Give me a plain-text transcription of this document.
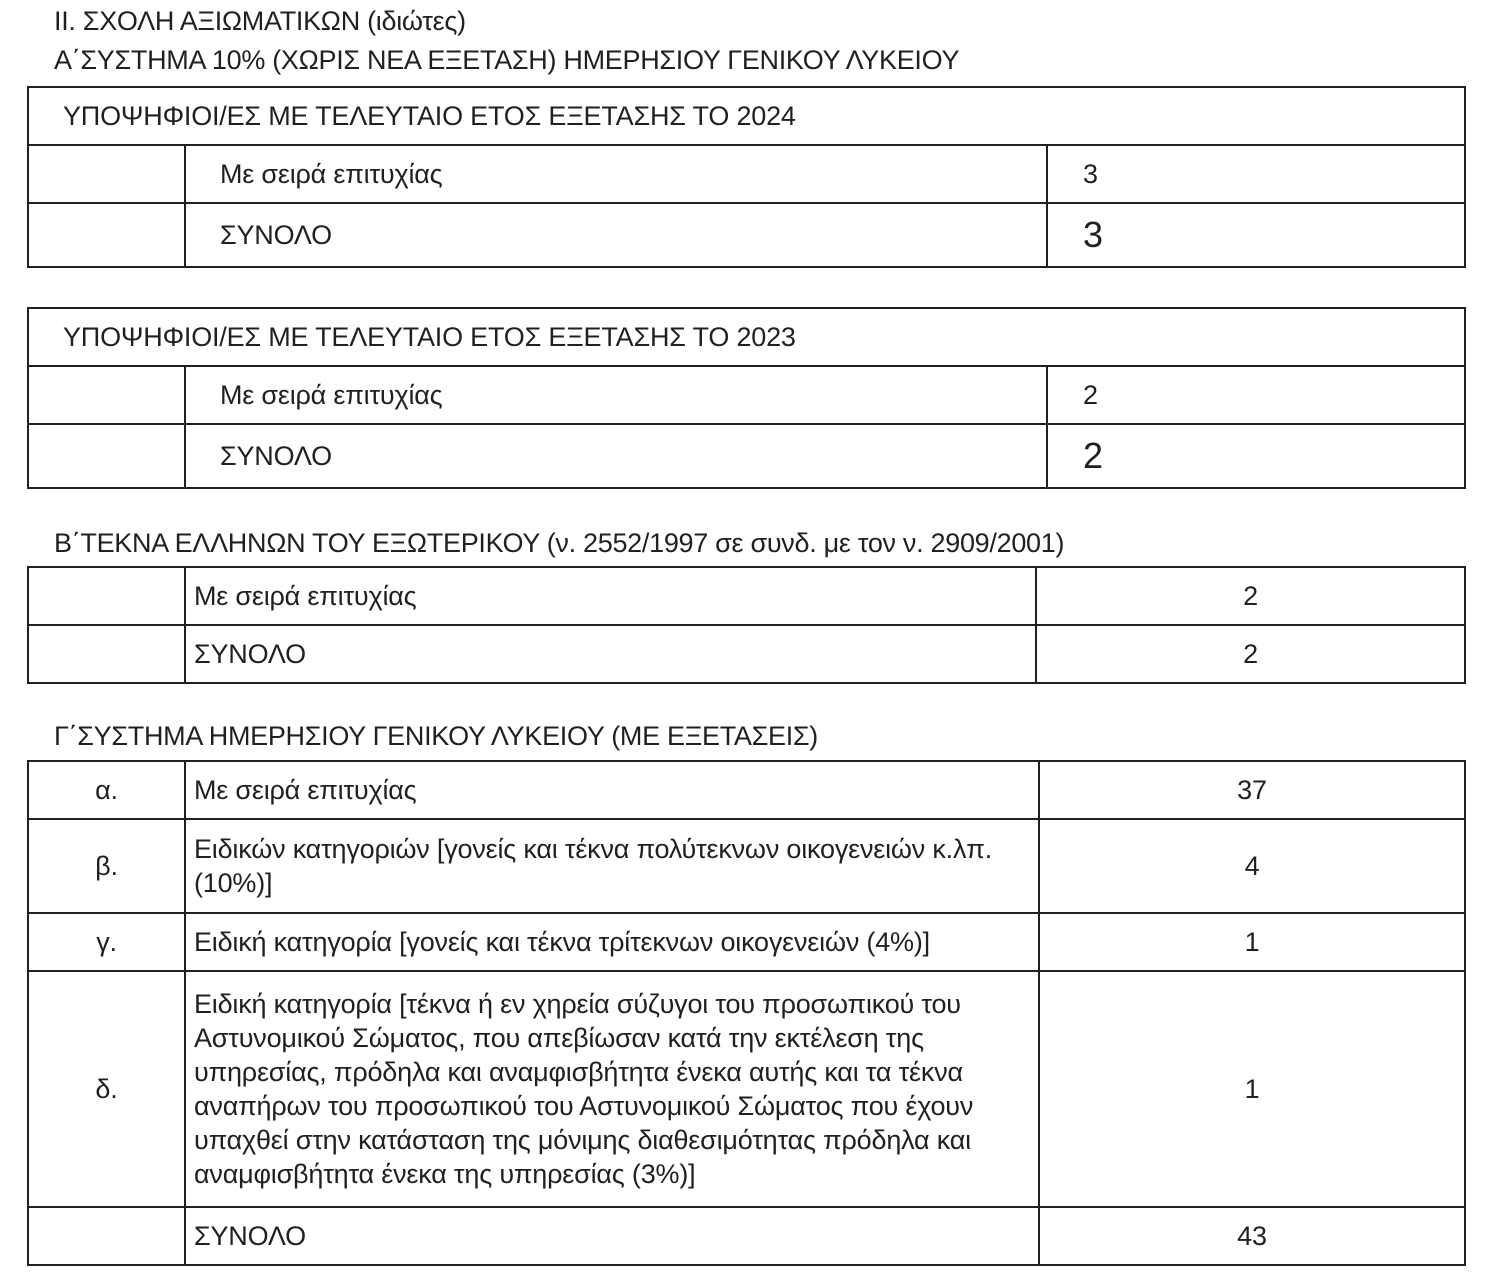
II. ΣΧΟΛΗ ΑΞΙΩΜΑΤΙΚΩΝ (ιδιώτες)
Α΄ΣΥΣΤΗΜΑ 10% (ΧΩΡΙΣ ΝΕΑ ΕΞΕΤΑΣΗ) ΗΜΕΡΗΣΙΟΥ ΓΕΝΙΚΟΥ ΛΥΚΕΙΟΥ
ΥΠΟΨΗΦΙΟΙ/ΕΣ ΜΕ ΤΕΛΕΥΤΑΙΟ ΕΤΟΣ ΕΞΕΤΑΣΗΣ ΤΟ 2024		
	Με σειρά επιτυχίας	3
	ΣΥΝΟΛΟ	3
ΥΠΟΨΗΦΙΟΙ/ΕΣ ΜΕ ΤΕΛΕΥΤΑΙΟ ΕΤΟΣ ΕΞΕΤΑΣΗΣ ΤΟ 2023		
	Με σειρά επιτυχίας	2
	ΣΥΝΟΛΟ	2
Β΄ΤΕΚΝΑ ΕΛΛΗΝΩΝ ΤΟΥ ΕΞΩΤΕΡΙΚΟΥ (ν. 2552/1997 σε συνδ. με τον ν. 2909/2001)
	Με σειρά επιτυχίας	2
	ΣΥΝΟΛΟ	2
Γ΄ΣΥΣΤΗΜΑ ΗΜΕΡΗΣΙΟΥ ΓΕΝΙΚΟΥ ΛΥΚΕΙΟΥ (ΜΕ ΕΞΕΤΑΣΕΙΣ)
α.	Με σειρά επιτυχίας	37
β.	Ειδικών κατηγοριών [γονείς και τέκνα πολύτεκνων οικογενειών κ.λπ. (10%)]	4
γ.	Ειδική κατηγορία [γονείς και τέκνα τρίτεκνων οικογενειών (4%)]	1
δ.	Ειδική κατηγορία [τέκνα ή εν χηρεία σύζυγοι του προσωπικού του Αστυνομικού Σώματος, που απεβίωσαν κατά την εκτέλεση της υπηρεσίας, πρόδηλα και αναμφισβήτητα ένεκα αυτής και τα τέκνα αναπήρων του προσωπικού του Αστυνομικού Σώματος που έχουν υπαχθεί στην κατάσταση της μόνιμης διαθεσιμότητας πρόδηλα και αναμφισβήτητα ένεκα της υπηρεσίας (3%)]	1
	ΣΥΝΟΛΟ	43
